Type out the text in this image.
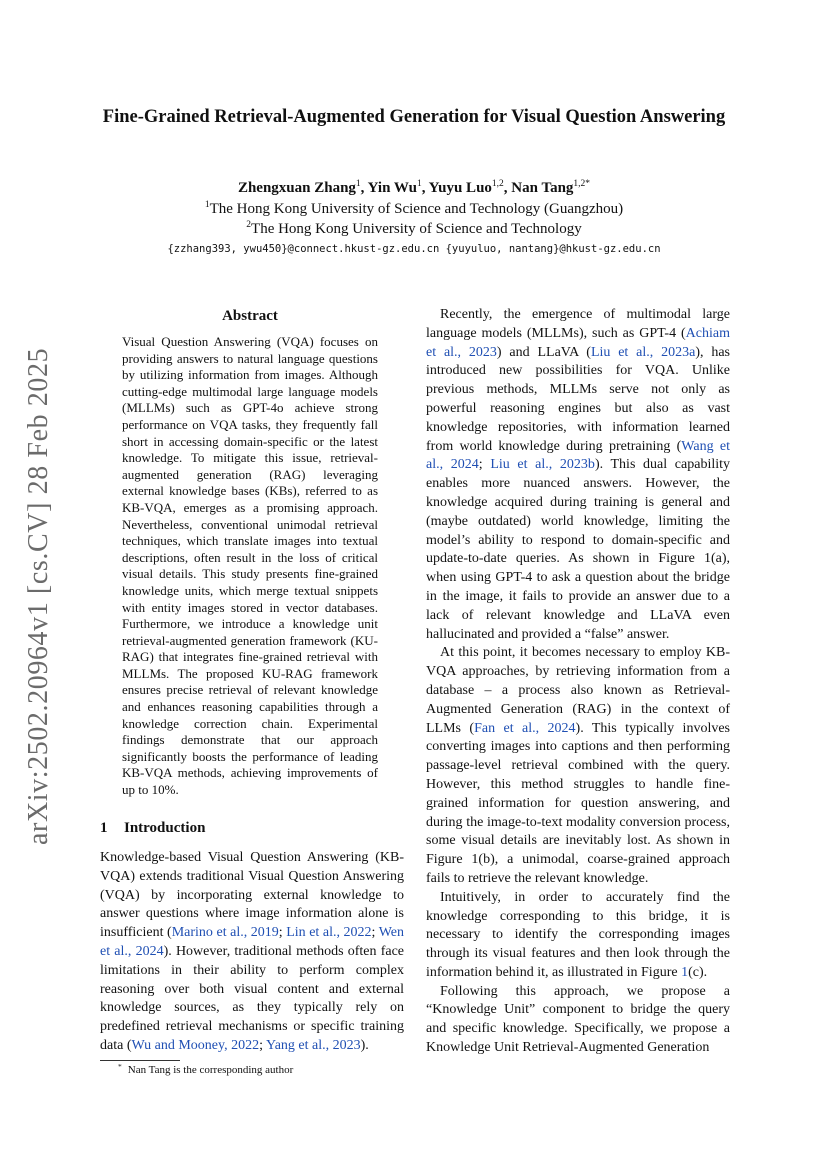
arXiv:2502.20964v1 [cs.CV] 28 Feb 2025
Fine-Grained Retrieval-Augmented Generation for Visual Question Answering
Zhengxuan Zhang$^1$, Yin Wu$^1$, Yuyu Luo$^{1,2}$, Nan Tang$^{1,2*}$
$^1$The Hong Kong University of Science and Technology (Guangzhou)
$^2$The Hong Kong University of Science and Technology
{zzhang393, ywu450}@connect.hkust-gz.edu.cn {yuyuluo, nantang}@hkust-gz.edu.cn
Abstract

Visual Question Answering (VQA) focuses on providing answers to natural language questions by utilizing information from images. Although cutting-edge multimodal large language models (MLLMs) such as GPT-4o achieve strong performance on VQA tasks, they frequently fall short in accessing domain-specific or the latest knowledge. To mitigate this issue, retrieval-augmented generation (RAG) leveraging external knowledge bases (KBs), referred to as KB-VQA, emerges as a promising approach. Nevertheless, conventional unimodal retrieval techniques, which translate images into textual descriptions, often result in the loss of critical visual details. This study presents fine-grained knowledge units, which merge textual snippets with entity images stored in vector databases. Furthermore, we introduce a knowledge unit retrieval-augmented generation framework (KU-RAG) that integrates fine-grained retrieval with MLLMs. The proposed KU-RAG framework ensures precise retrieval of relevant knowledge and enhances reasoning capabilities through a knowledge correction chain. Experimental findings demonstrate that our approach significantly boosts the performance of leading KB-VQA methods, achieving improvements of up to 10%.

1 Introduction

Knowledge-based Visual Question Answering (KB-VQA) extends traditional Visual Question Answering (VQA) by incorporating external knowledge to answer questions where image information alone is insufficient (Marino et al., 2019; Lin et al., 2022; Wen et al., 2024). However, traditional methods often face limitations in their ability to perform complex reasoning over both visual content and external knowledge sources, as they typically rely on predefined retrieval mechanisms or specific training data (Wu and Mooney, 2022; Yang et al., 2023).

* Nan Tang is the corresponding author

Recently, the emergence of multimodal large language models (MLLMs), such as GPT-4 (Achiam et al., 2023) and LLaVA (Liu et al., 2023a), has introduced new possibilities for VQA. Unlike previous methods, MLLMs serve not only as powerful reasoning engines but also as vast knowledge repositories, with information learned from world knowledge during pretraining (Wang et al., 2024; Liu et al., 2023b). This dual capability enables more nuanced answers. However, the knowledge acquired during training is general and (maybe outdated) world knowledge, limiting the model’s ability to respond to domain-specific and update-to-date queries. As shown in Figure 1(a), when using GPT-4 to ask a question about the bridge in the image, it fails to provide an answer due to a lack of relevant knowledge and LLaVA even hallucinated and provided a “false” answer.

At this point, it becomes necessary to employ KB-VQA approaches, by retrieving information from a database – a process also known as Retrieval-Augmented Generation (RAG) in the context of LLMs (Fan et al., 2024). This typically involves converting images into captions and then performing passage-level retrieval combined with the query. However, this method struggles to handle fine-grained information for question answering, and during the image-to-text modality conversion process, some visual details are inevitably lost. As shown in Figure 1(b), a unimodal, coarse-grained approach fails to retrieve the relevant knowledge.

Intuitively, in order to accurately find the knowledge corresponding to this bridge, it is necessary to identify the corresponding images through its visual features and then look through the information behind it, as illustrated in Figure 1(c).

Following this approach, we propose a “Knowledge Unit” component to bridge the query and specific knowledge. Specifically, we propose a Knowledge Unit Retrieval-Augmented Generation
